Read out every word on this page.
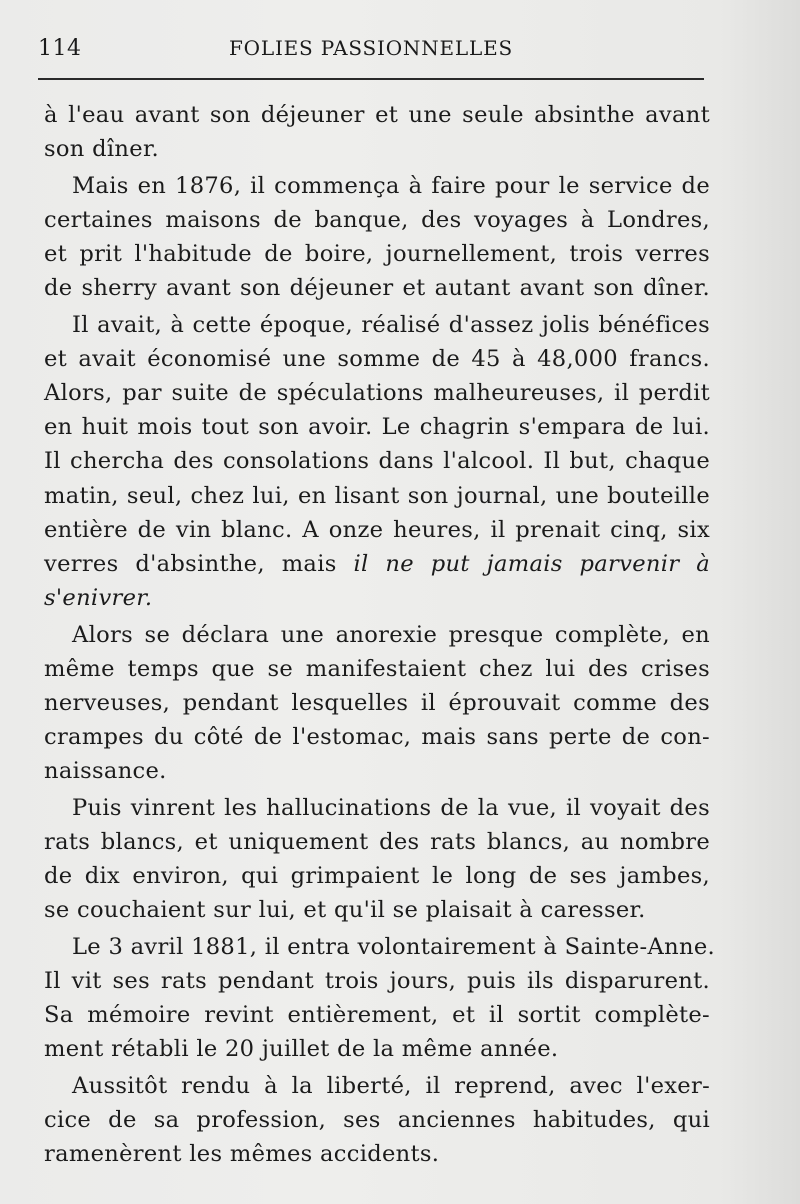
114	FOLIES PASSIONNELLES
à l'eau avant son déjeuner et une seule absinthe avant
son dîner.
Mais en 1876, il commença à faire pour le service de
certaines maisons de banque, des voyages à Londres,
et prit l'habitude de boire, journellement, trois verres
de sherry avant son déjeuner et autant avant son dîner.
Il avait, à cette époque, réalisé d'assez jolis bénéfices
et avait économisé une somme de 45 à 48,000 francs.
Alors, par suite de spéculations malheureuses, il perdit
en huit mois tout son avoir. Le chagrin s'empara de lui.
Il chercha des consolations dans l'alcool. Il but, chaque
matin, seul, chez lui, en lisant son journal, une bouteille
entière de vin blanc. A onze heures, il prenait cinq, six
verres d'absinthe, mais il ne put jamais parvenir à
s'enivrer.
Alors se déclara une anorexie presque complète, en
même temps que se manifestaient chez lui des crises
nerveuses, pendant lesquelles il éprouvait comme des
crampes du côté de l'estomac, mais sans perte de con-
naissance.
Puis vinrent les hallucinations de la vue, il voyait des
rats blancs, et uniquement des rats blancs, au nombre
de dix environ, qui grimpaient le long de ses jambes,
se couchaient sur lui, et qu'il se plaisait à caresser.
Le 3 avril 1881, il entra volontairement à Sainte-Anne.
Il vit ses rats pendant trois jours, puis ils disparurent.
Sa mémoire revint entièrement, et il sortit complète-
ment rétabli le 20 juillet de la même année.
Aussitôt rendu à la liberté, il reprend, avec l'exer-
cice de sa profession, ses anciennes habitudes, qui
ramenèrent les mêmes accidents.
